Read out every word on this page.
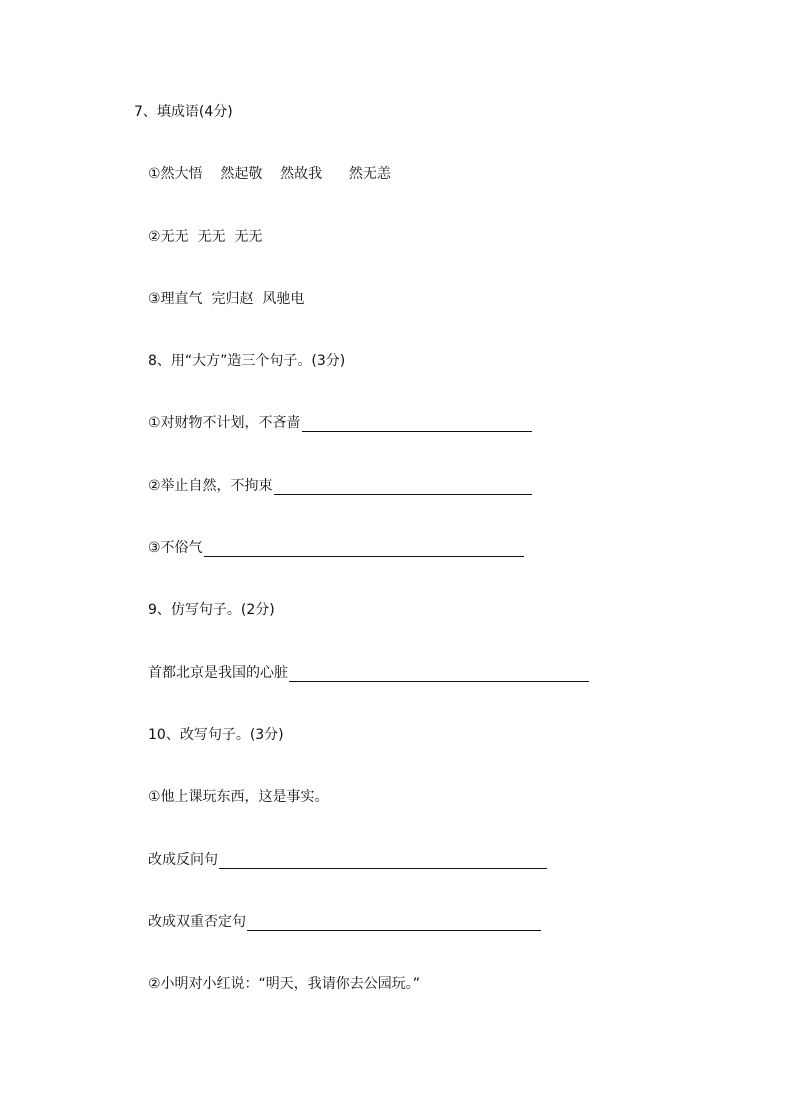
7、填成语(4分)
①然大悟    然起敬    然故我      然无恙
②无无  无无  无无
③理直气  完归赵  风驰电
8、用“大方”造三个句子。(3分)
①对财物不计划，不吝啬
②举止自然，不拘束
③不俗气
9、仿写句子。(2分)
首都北京是我国的心脏
10、改写句子。(3分)
①他上课玩东西，这是事实。
改成反问句
改成双重否定句
②小明对小红说：“明天，我请你去公园玩。”
